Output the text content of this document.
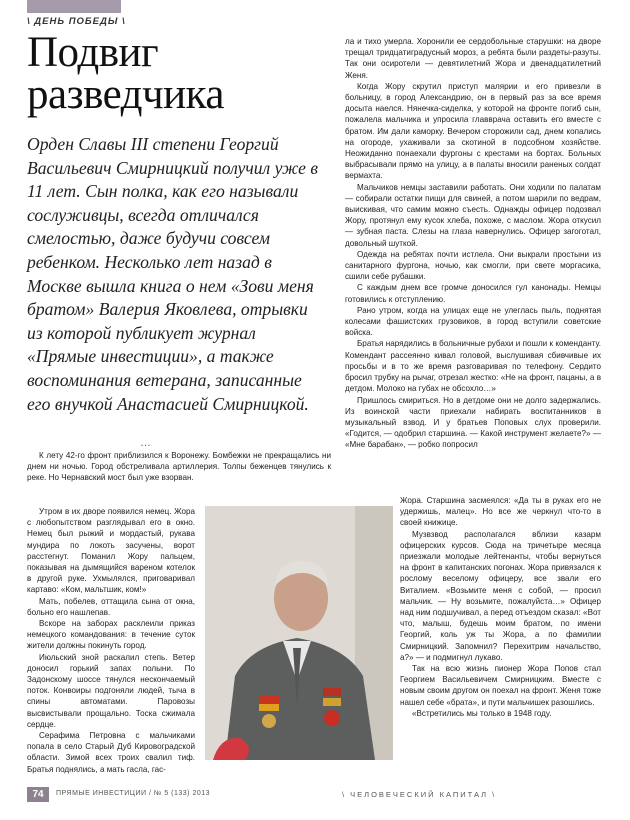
\ ДЕНЬ ПОБЕДЫ \
Подвиг
разведчика

Орден Славы III степени Георгий Васильевич Смирницкий получил уже в 11 лет. Сын полка, как его называли сослуживцы, всегда отличался смелостью, даже будучи совсем ребенком. Несколько лет назад в Москве вышла книга о нем «Зови меня братом» Валерия Яковлева, отрывки из которой публикует журнал «Прямые инвестиции», а также воспоминания ветерана, записанные его внучкой Анастасией Смирницкой.

…

К лету 42-го фронт приблизился к Воронежу. Бомбежки не прекращались ни днем ни ночью. Город обстреливала артиллерия. Толпы беженцев тянулись к реке. Но Чернавский мост был уже взорван.

Утром в их дворе появился немец. Жора с любопытством разглядывал его в окно. Немец был рыжий и мордастый, рукава мундира по локоть засучены, ворот расстегнут. Поманил Жору пальцем, показывая на дымящийся вареном котелок в другой руке. Ухмылялся, приговаривал картаво: «Ком, мальтшик, ком!»

Мать, побелев, оттащила сына от окна, больно его нашлепав.

Вскоре на заборах расклеили приказ немецкого командования: в течение суток жители должны покинуть город.

Июльский зной раскалил степь. Ветер доносил горький запах полыни. По Задонскому шоссе тянулся нескончаемый поток. Конвоиры подгоняли людей, тыча в спины автоматами. Паровозы высвистывали прощально. Тоска сжимала сердце.

Серафима Петровна с мальчиками попала в село Старый Дуб Кировоградской области. Зимой всех троих свалил тиф. Братья поднялись, а мать гасла, гас-

ла и тихо умерла. Хоронили ее сердобольные старушки: на дворе трещал тридцатиградусный мороз, а ребята были раздеты-разуты. Так они осиротели — девятилетний Жора и двенадцатилетний Женя.

Когда Жору скрутил приступ малярии и его привезли в больницу, в город Александрию, он в первый раз за все время досыта наелся. Нянечка-сиделка, у которой на фронте погиб сын, пожалела мальчика и упросила главврача оставить его вместе с братом. Им дали каморку. Вечером сторожили сад, днем копались на огороде, ухаживали за скотиной в подсобном хозяйстве. Неожиданно понаехали фургоны с крестами на бортах. Больных выбрасывали прямо на улицу, а в палаты вносили раненых солдат вермахта.

Мальчиков немцы заставили работать. Они ходили по палатам — собирали остатки пищи для свиней, а потом шарили по ведрам, выискивая, что самим можно съесть. Однажды офицер подозвал Жору, протянул ему кусок хлеба, похоже, с маслом. Жора откусил — зубная паста. Слезы на глаза навернулись. Офицер загоготал, довольный шуткой.

Одежда на ребятах почти истлела. Они выкрали простыни из санитарного фургона, ночью, как смогли, при свете моргасика, сшили себе рубашки.

С каждым днем все громче доносился гул канонады. Немцы готовились к отступлению.

Рано утром, когда на улицах еще не улеглась пыль, поднятая колесами фашистских грузовиков, в город вступили советские войска.

Братья нарядились в больничные рубахи и пошли к коменданту. Комендант рассеянно кивал головой, выслушивая сбивчивые их просьбы и в то же время разговаривая по телефону. Сердито бросил трубку на рычаг, отрезал жестко: «Не на фронт, пацаны, а в детдом. Молоко на губах не обсохло…»

Пришлось смириться. Но в детдоме они не долго задержались. Из воинской части приехали набирать воспитанников в музыкальный взвод. И у братьев Поповых слух проверили. «Годится, — одобрил старшина. — Какой инструмент желаете?» — «Мне барабан», — робко попросил

Жора. Старшина засмеялся: «Да ты в руках его не удержишь, малец». Но все же черкнул что-то в своей книжице.

Музвзвод располагался вблизи казарм офицерских курсов. Сюда на тричетыре месяца приезжали молодые лейтенанты, чтобы вернуться на фронт в капитанских погонах. Жора привязался к рослому веселому офицеру, все звали его Виталием. «Возьмите меня с собой, — просил мальчик. — Ну возьмите, пожалуйста…» Офицер над ним подшучивал, а перед отъездом сказал: «Вот что, малыш, будешь моим братом, по имени Георгий, коль уж ты Жора, а по фамилии Смирницкий. Запомнил? Перехитрим начальство, а?» — и подмигнул лукаво.

Так на всю жизнь пионер Жора Попов стал Георгием Васильевичем Смирницким. Вместе с новым своим другом он поехал на фронт. Женя тоже нашел себе «брата», и пути мальчишек разошлись.

«Встретились мы только в 1948 году.

74	ПРЯМЫЕ ИНВЕСТИЦИИ / № 5 (133) 2013	\ ЧЕЛОВЕЧЕСКИЙ КАПИТАЛ \
